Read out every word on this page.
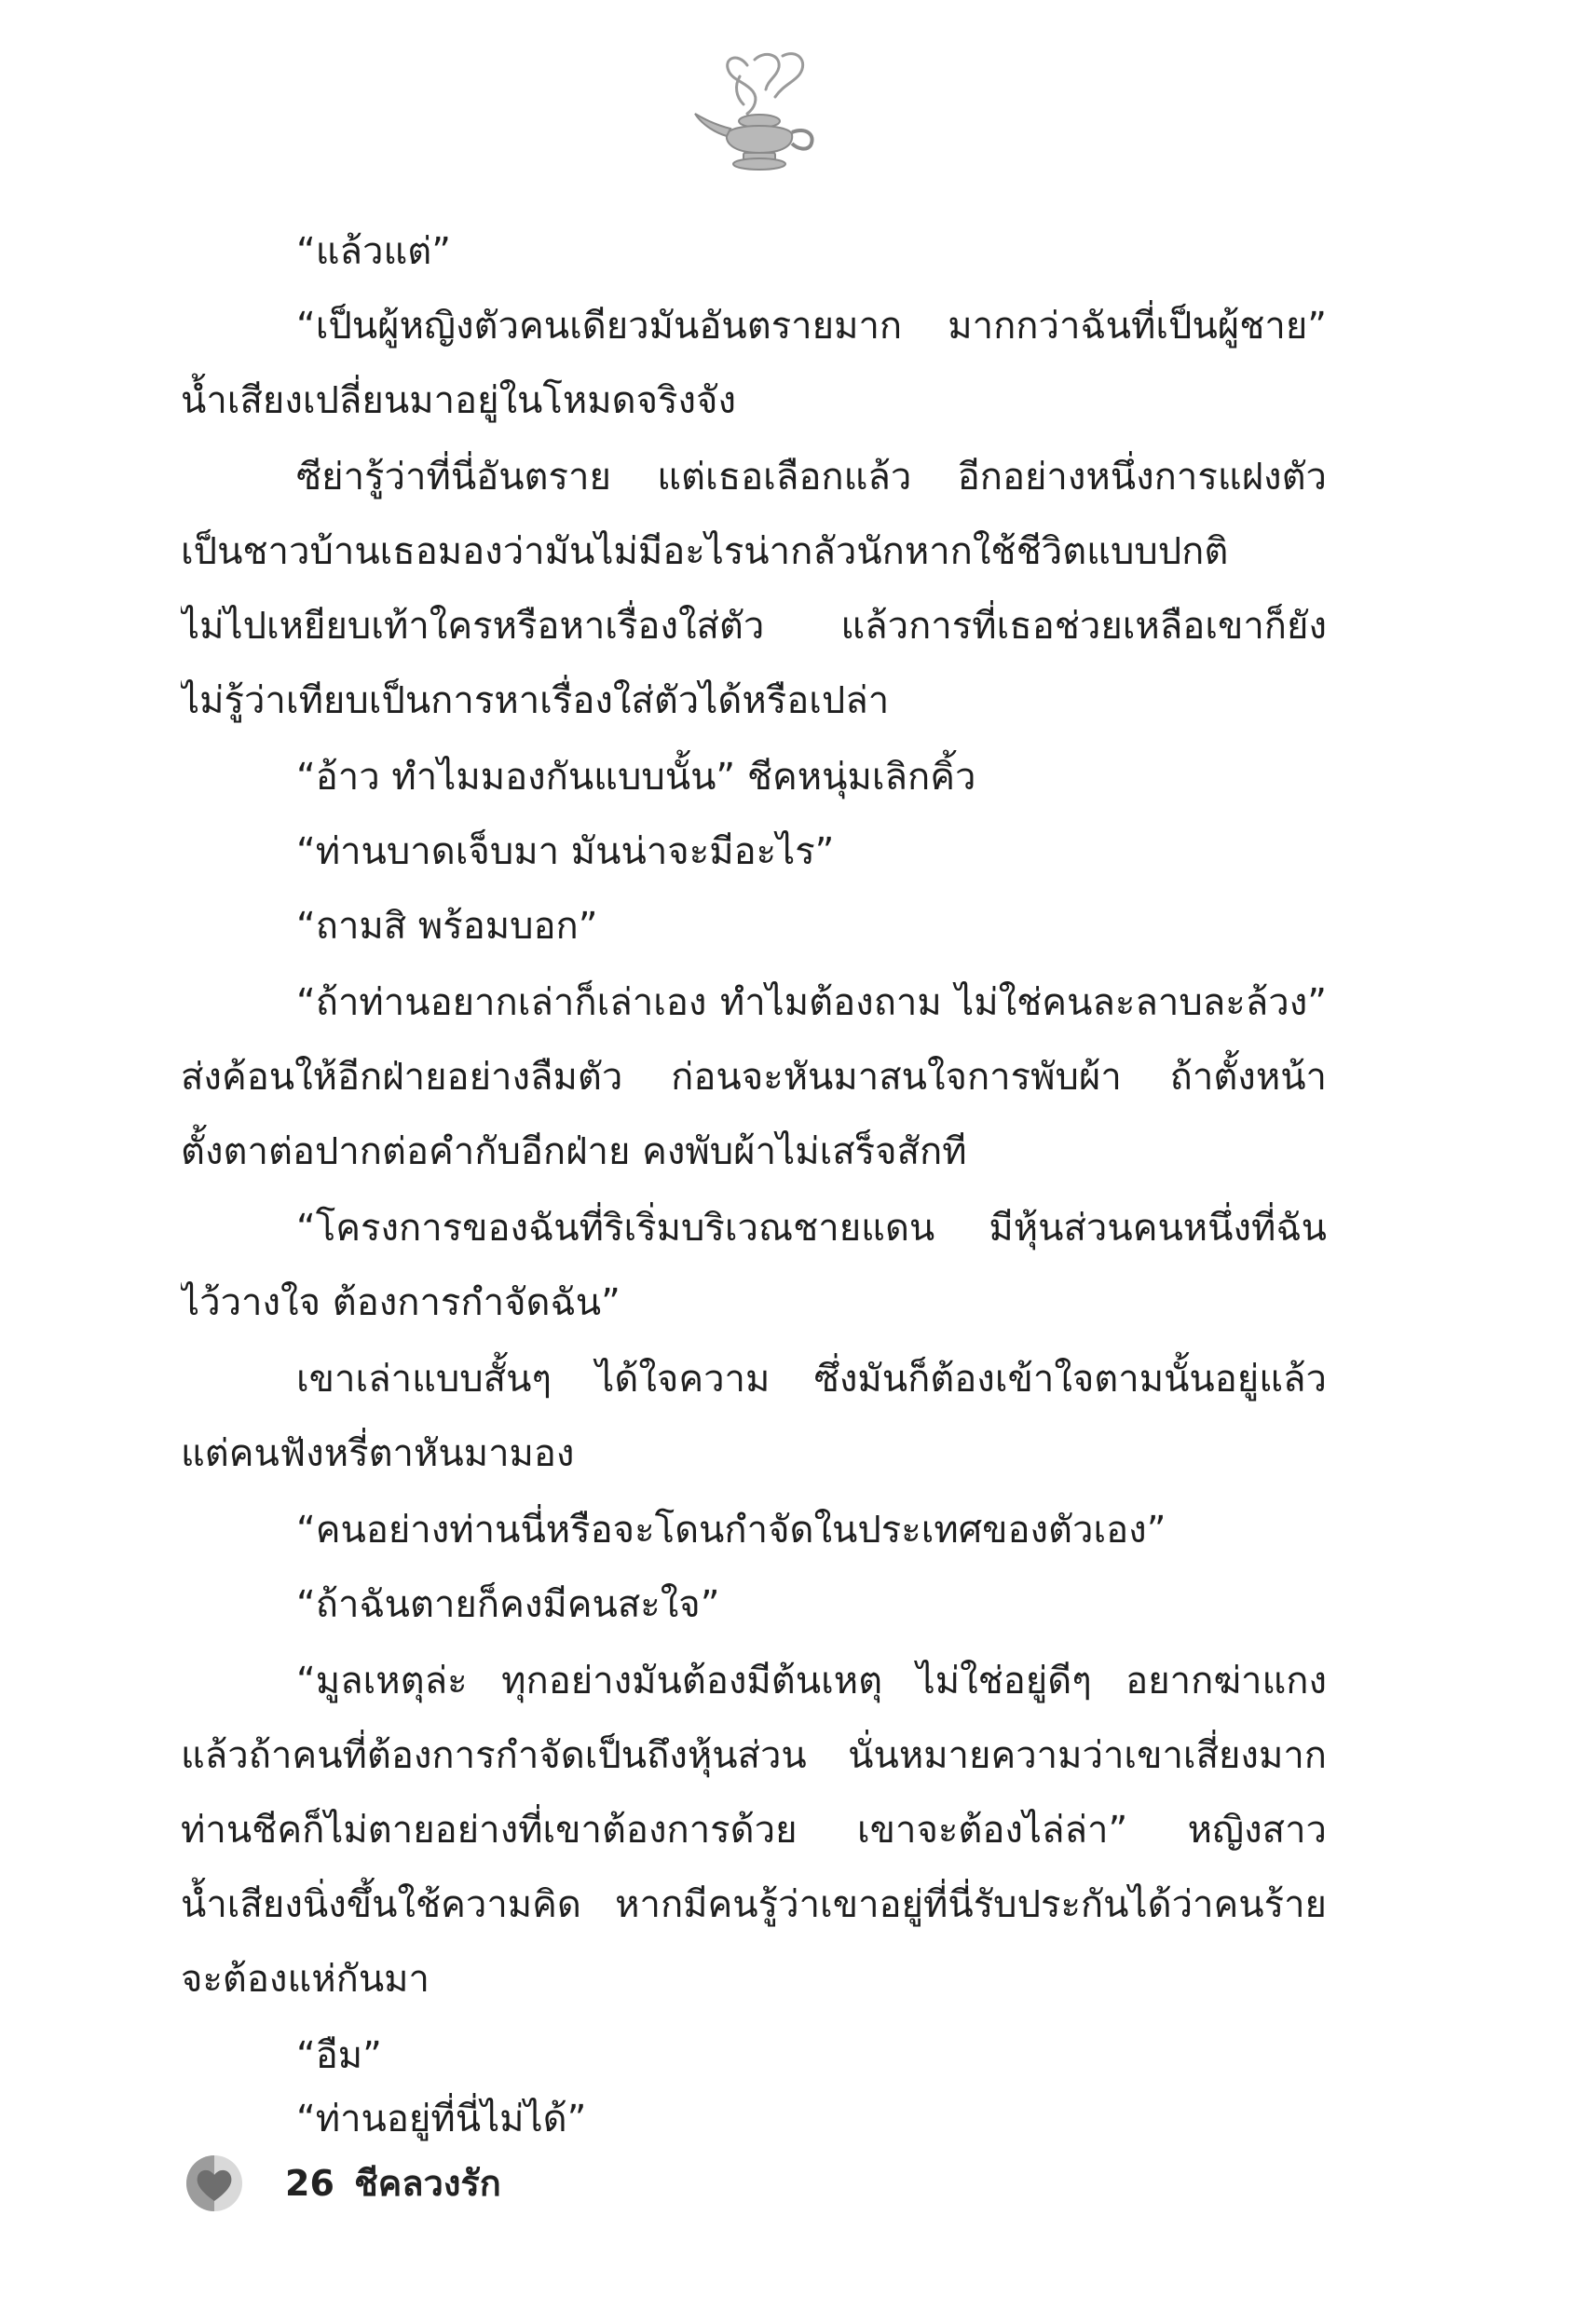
“แล้วแต่”
“เป็นผู้หญิงตัวคนเดียวมันอันตรายมาก มากกว่าฉันที่เป็นผู้ชาย”
น้ำเสียงเปลี่ยนมาอยู่ในโหมดจริงจัง
ซีย่ารู้ว่าที่นี่อันตราย แต่เธอเลือกแล้ว อีกอย่างหนึ่งการแฝงตัว
เป็นชาวบ้านเธอมองว่ามันไม่มีอะไรน่ากลัวนักหากใช้ชีวิตแบบปกติ
ไม่ไปเหยียบเท้าใครหรือหาเรื่องใส่ตัว แล้วการที่เธอช่วยเหลือเขาก็ยัง
ไม่รู้ว่าเทียบเป็นการหาเรื่องใส่ตัวได้หรือเปล่า
“อ้าว ทำไมมองกันแบบนั้น” ชีคหนุ่มเลิกคิ้ว
“ท่านบาดเจ็บมา มันน่าจะมีอะไร”
“ถามสิ พร้อมบอก”
“ถ้าท่านอยากเล่าก็เล่าเอง ทำไมต้องถาม ไม่ใช่คนละลาบละล้วง”
ส่งค้อนให้อีกฝ่ายอย่างลืมตัว ก่อนจะหันมาสนใจการพับผ้า ถ้าตั้งหน้า
ตั้งตาต่อปากต่อคำกับอีกฝ่าย คงพับผ้าไม่เสร็จสักที
“โครงการของฉันที่ริเริ่มบริเวณชายแดน มีหุ้นส่วนคนหนึ่งที่ฉัน
ไว้วางใจ ต้องการกำจัดฉัน”
เขาเล่าแบบสั้นๆ ได้ใจความ ซึ่งมันก็ต้องเข้าใจตามนั้นอยู่แล้ว
แต่คนฟังหรี่ตาหันมามอง
“คนอย่างท่านนี่หรือจะโดนกำจัดในประเทศของตัวเอง”
“ถ้าฉันตายก็คงมีคนสะใจ”
“มูลเหตุล่ะ ทุกอย่างมันต้องมีต้นเหตุ ไม่ใช่อยู่ดีๆ อยากฆ่าแกง
แล้วถ้าคนที่ต้องการกำจัดเป็นถึงหุ้นส่วน นั่นหมายความว่าเขาเสี่ยงมาก
ท่านชีคก็ไม่ตายอย่างที่เขาต้องการด้วย เขาจะต้องไล่ล่า” หญิงสาว
น้ำเสียงนิ่งขึ้นใช้ความคิด หากมีคนรู้ว่าเขาอยู่ที่นี่รับประกันได้ว่าคนร้าย
จะต้องแห่กันมา
“อืม”
“ท่านอยู่ที่นี่ไม่ได้”
26 ชีคลวงรัก
